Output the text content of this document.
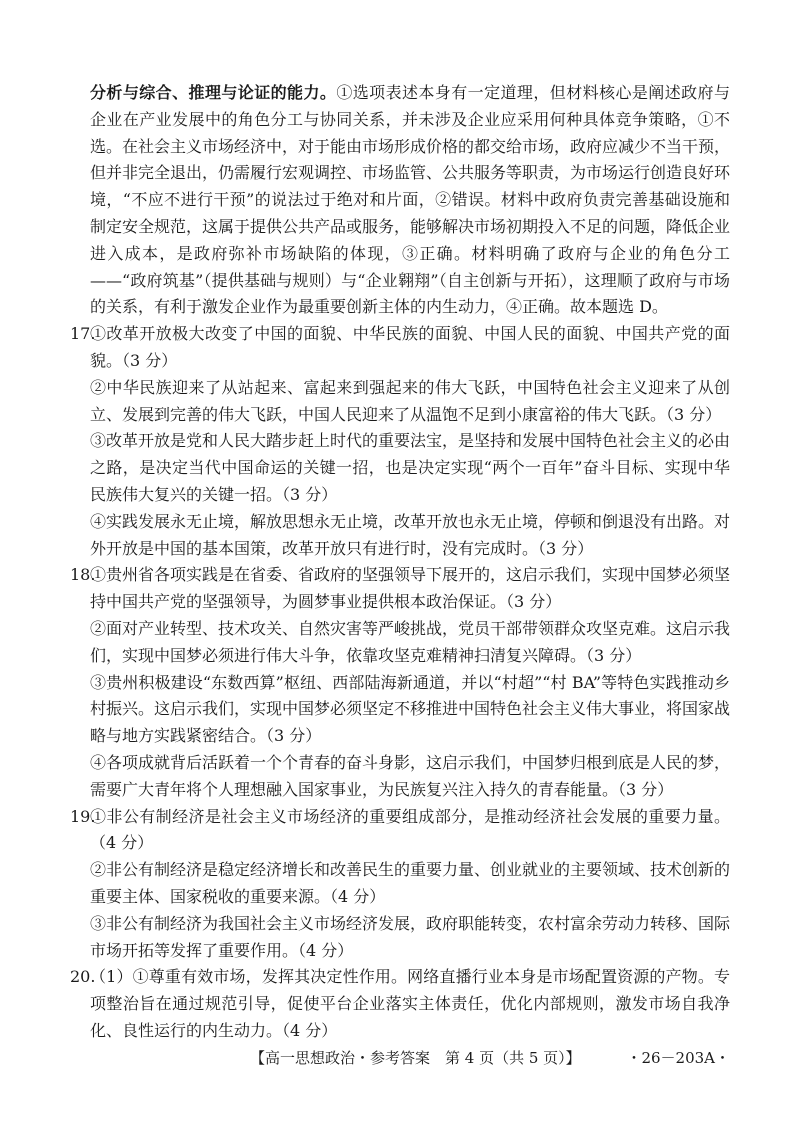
分析与综合、推理与论证的能力。①选项表述本身有一定道理，但材料核心是阐述政府与企业在产业发展中的角色分工与协同关系，并未涉及企业应采用何种具体竞争策略，①不选。在社会主义市场经济中，对于能由市场形成价格的都交给市场，政府应减少不当干预，但并非完全退出，仍需履行宏观调控、市场监管、公共服务等职责，为市场运行创造良好环境，“不应不进行干预”的说法过于绝对和片面，②错误。材料中政府负责完善基础设施和制定安全规范，这属于提供公共产品或服务，能够解决市场初期投入不足的问题，降低企业进入成本，是政府弥补市场缺陷的体现，③正确。材料明确了政府与企业的角色分工——“政府筑基”（提供基础与规则）与“企业翱翔”（自主创新与开拓），这理顺了政府与市场的关系，有利于激发企业作为最重要创新主体的内生动力，④正确。故本题选 D。

17.
①改革开放极大改变了中国的面貌、中华民族的面貌、中国人民的面貌、中国共产党的面貌。（3 分）

②中华民族迎来了从站起来、富起来到强起来的伟大飞跃，中国特色社会主义迎来了从创立、发展到完善的伟大飞跃，中国人民迎来了从温饱不足到小康富裕的伟大飞跃。（3 分）

③改革开放是党和人民大踏步赶上时代的重要法宝，是坚持和发展中国特色社会主义的必由之路，是决定当代中国命运的关键一招，也是决定实现“两个一百年”奋斗目标、实现中华民族伟大复兴的关键一招。（3 分）

④实践发展永无止境，解放思想永无止境，改革开放也永无止境，停顿和倒退没有出路。对外开放是中国的基本国策，改革开放只有进行时，没有完成时。（3 分）

18.
①贵州省各项实践是在省委、省政府的坚强领导下展开的，这启示我们，实现中国梦必须坚持中国共产党的坚强领导，为圆梦事业提供根本政治保证。（3 分）

②面对产业转型、技术攻关、自然灾害等严峻挑战，党员干部带领群众攻坚克难。这启示我们，实现中国梦必须进行伟大斗争，依靠攻坚克难精神扫清复兴障碍。（3 分）

③贵州积极建设“东数西算”枢纽、西部陆海新通道，并以“村超”“村 BA”等特色实践推动乡村振兴。这启示我们，实现中国梦必须坚定不移推进中国特色社会主义伟大事业，将国家战略与地方实践紧密结合。（3 分）

④各项成就背后活跃着一个个青春的奋斗身影，这启示我们，中国梦归根到底是人民的梦，需要广大青年将个人理想融入国家事业，为民族复兴注入持久的青春能量。（3 分）

19.
①非公有制经济是社会主义市场经济的重要组成部分，是推动经济社会发展的重要力量。（4 分）

②非公有制经济是稳定经济增长和改善民生的重要力量、创业就业的主要领域、技术创新的重要主体、国家税收的重要来源。（4 分）

③非公有制经济为我国社会主义市场经济发展，政府职能转变，农村富余劳动力转移、国际市场开拓等发挥了重要作用。（4 分）

20.
（1）①尊重有效市场，发挥其决定性作用。网络直播行业本身是市场配置资源的产物。专项整治旨在通过规范引导，促使平台企业落实主体责任，优化内部规则，激发市场自我净化、良性运行的内生动力。（4 分）

【高一思想政治・参考答案　第 4 页（共 5 页）】	・26－203A・
